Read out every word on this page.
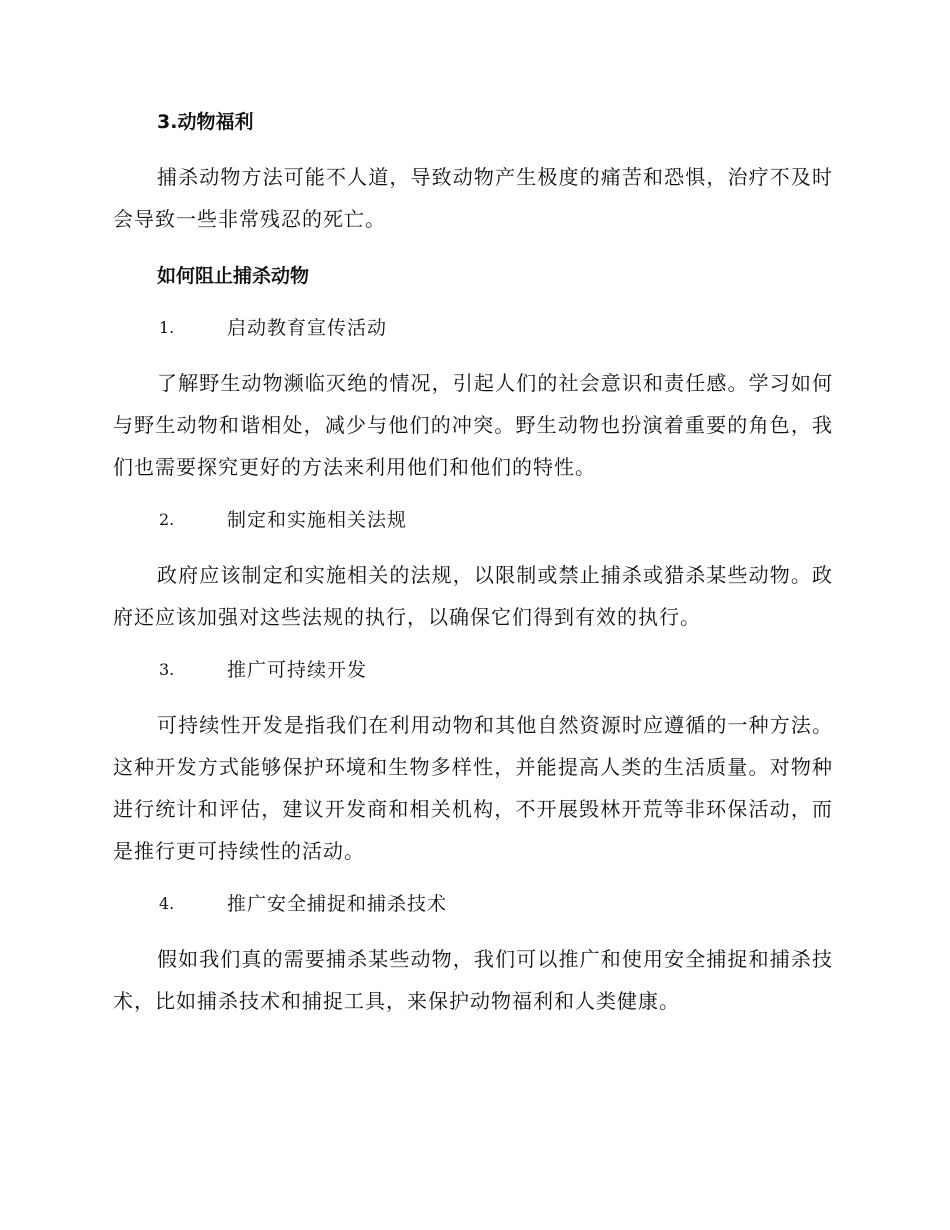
3.动物福利

捕杀动物方法可能不人道，导致动物产生极度的痛苦和恐惧，治疗不及时会导致一些非常残忍的死亡。

如何阻止捕杀动物
1.	启动教育宣传活动

了解野生动物濒临灭绝的情况，引起人们的社会意识和责任感。学习如何与野生动物和谐相处，减少与他们的冲突。野生动物也扮演着重要的角色，我们也需要探究更好的方法来利用他们和他们的特性。

2.	制定和实施相关法规

政府应该制定和实施相关的法规，以限制或禁止捕杀或猎杀某些动物。政府还应该加强对这些法规的执行，以确保它们得到有效的执行。

3.	推广可持续开发

可持续性开发是指我们在利用动物和其他自然资源时应遵循的一种方法。这种开发方式能够保护环境和生物多样性，并能提高人类的生活质量。对物种进行统计和评估，建议开发商和相关机构，不开展毁林开荒等非环保活动，而是推行更可持续性的活动。

4.	推广安全捕捉和捕杀技术

假如我们真的需要捕杀某些动物，我们可以推广和使用安全捕捉和捕杀技术，比如捕杀技术和捕捉工具，来保护动物福利和人类健康。
